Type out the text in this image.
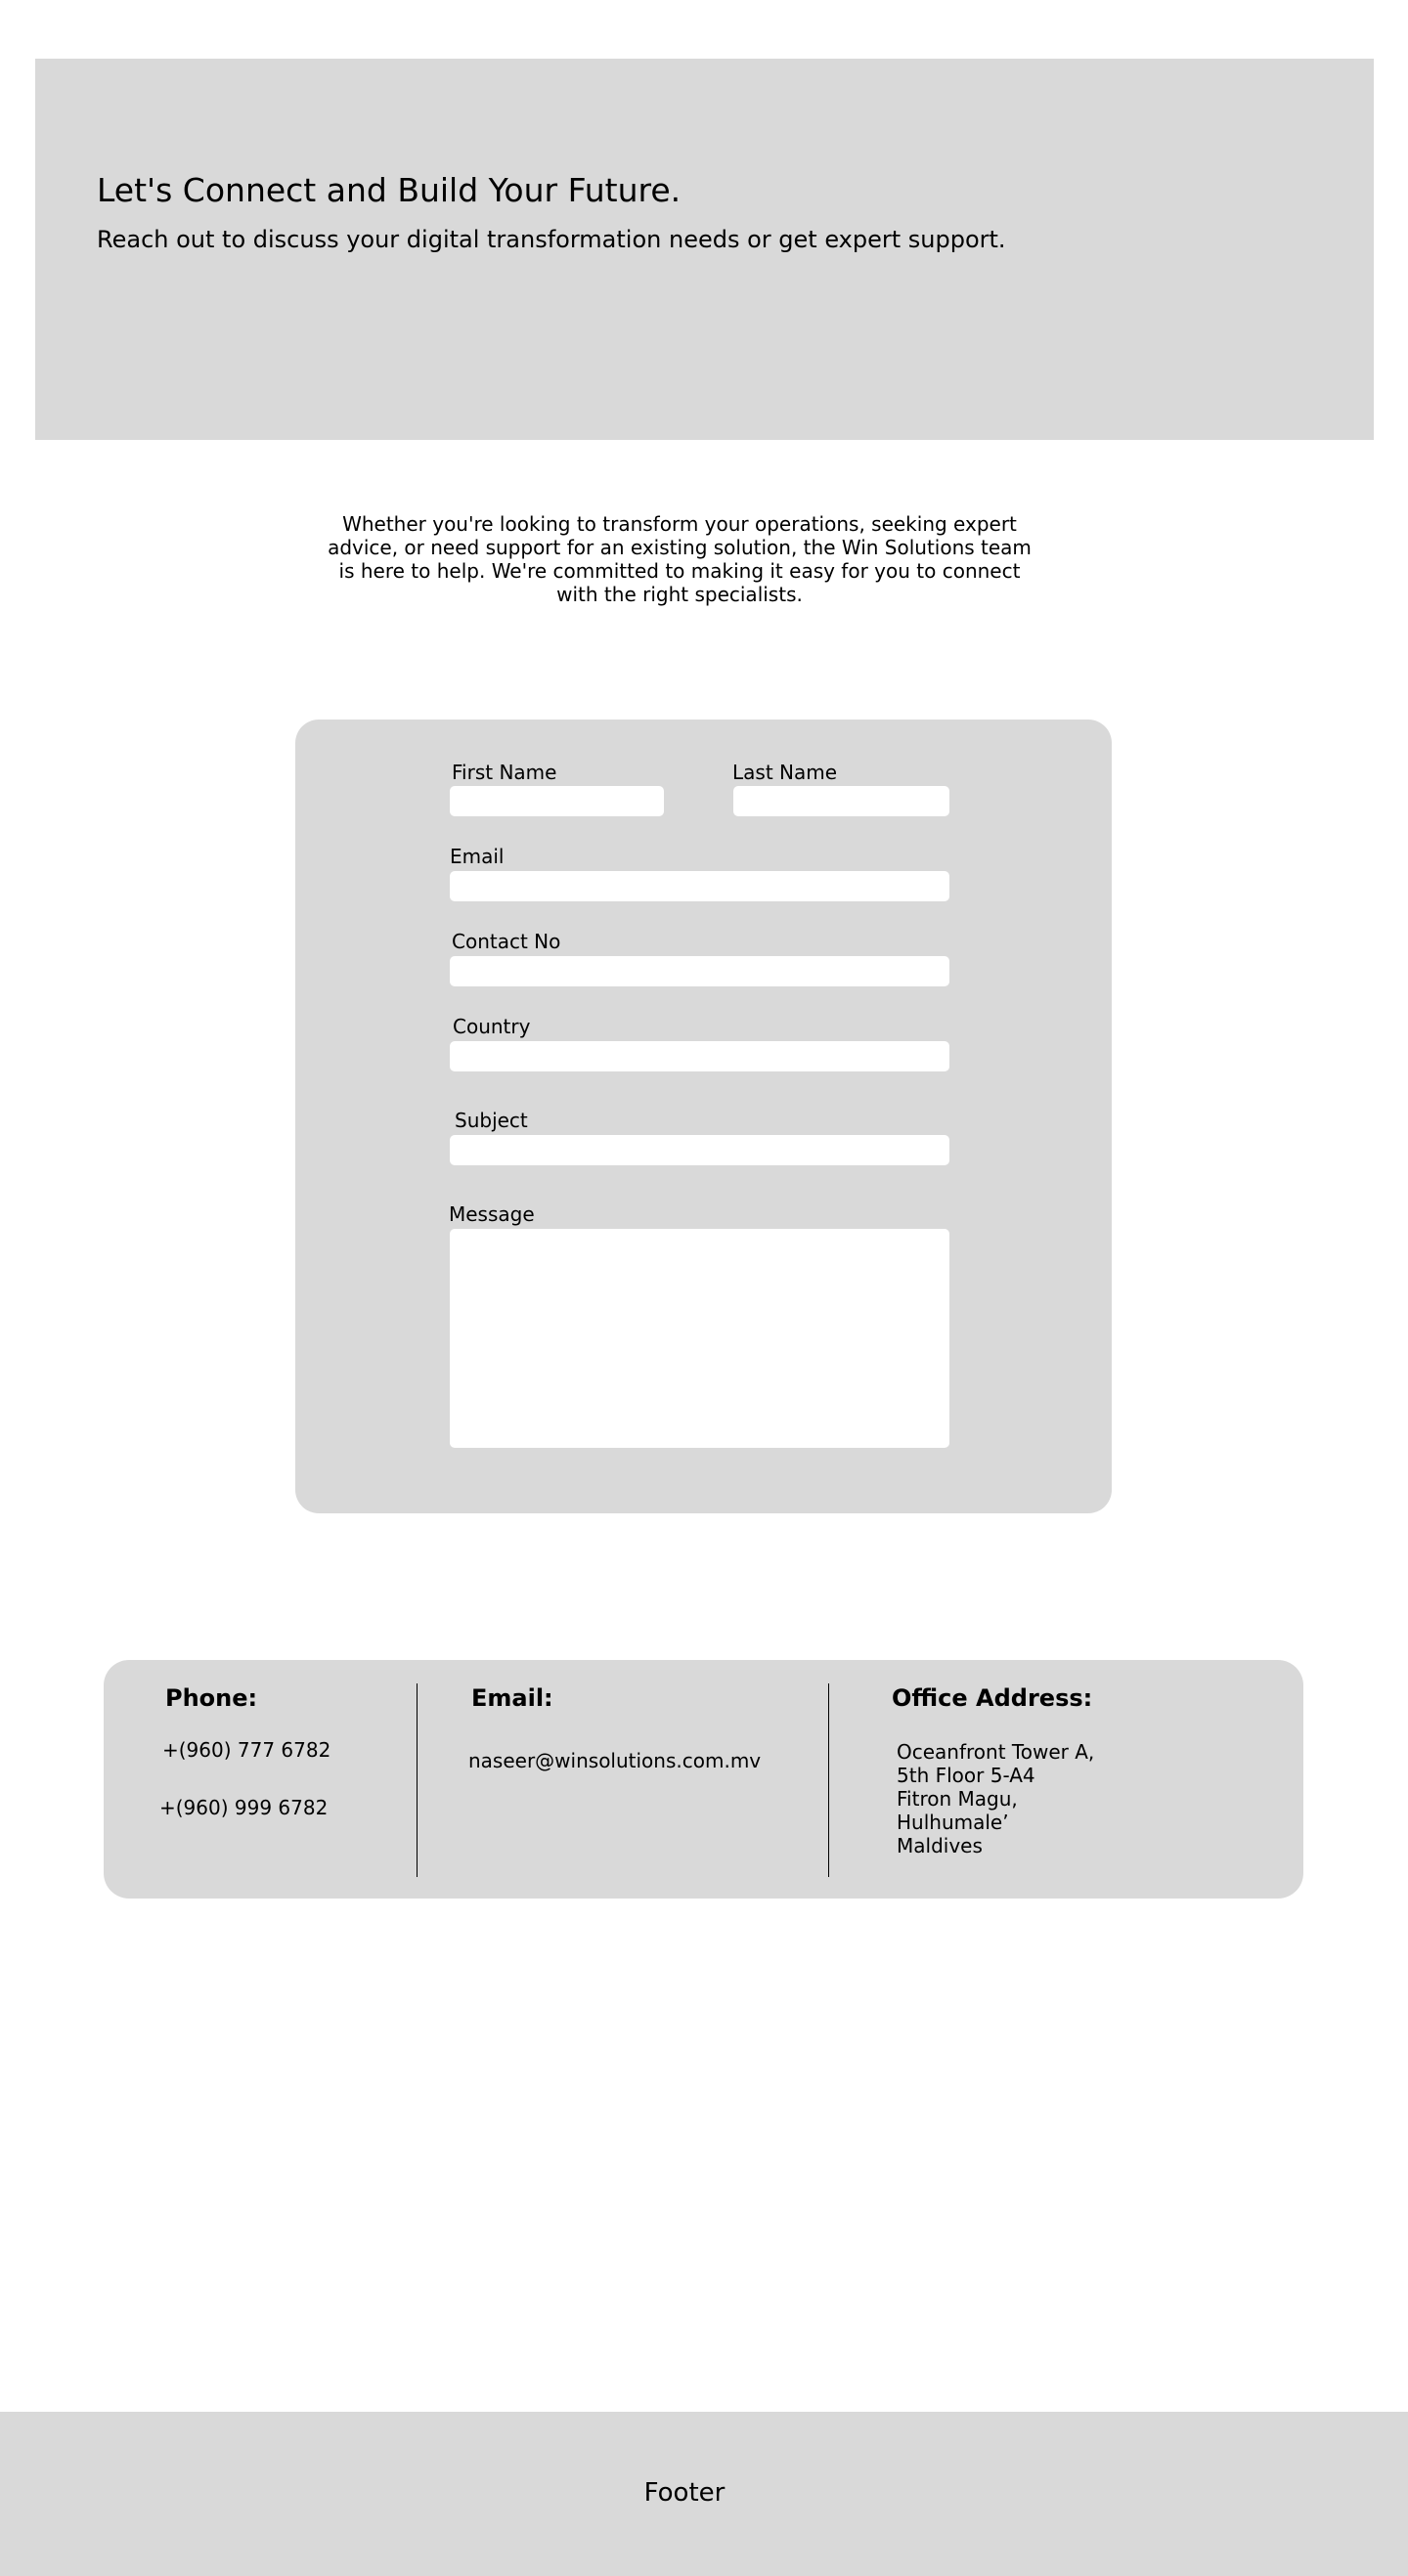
Let's Connect and Build Your Future.

Reach out to discuss your digital transformation needs or get expert support.

Whether you're looking to transform your operations, seeking expert advice, or need support for an existing solution, the Win Solutions team is here to help. We're committed to making it easy for you to connect with the right specialists.

First Name	Last Name
Email
Contact No
Country
Subject
Message
Phone:

+(960) 777 6782

+(960) 999 6782

Email:

naseer@winsolutions.com.mv

Office Address:
Oceanfront Tower A,
5th Floor 5-A4
Fitron Magu,
Hulhumale’
Maldives

Footer
